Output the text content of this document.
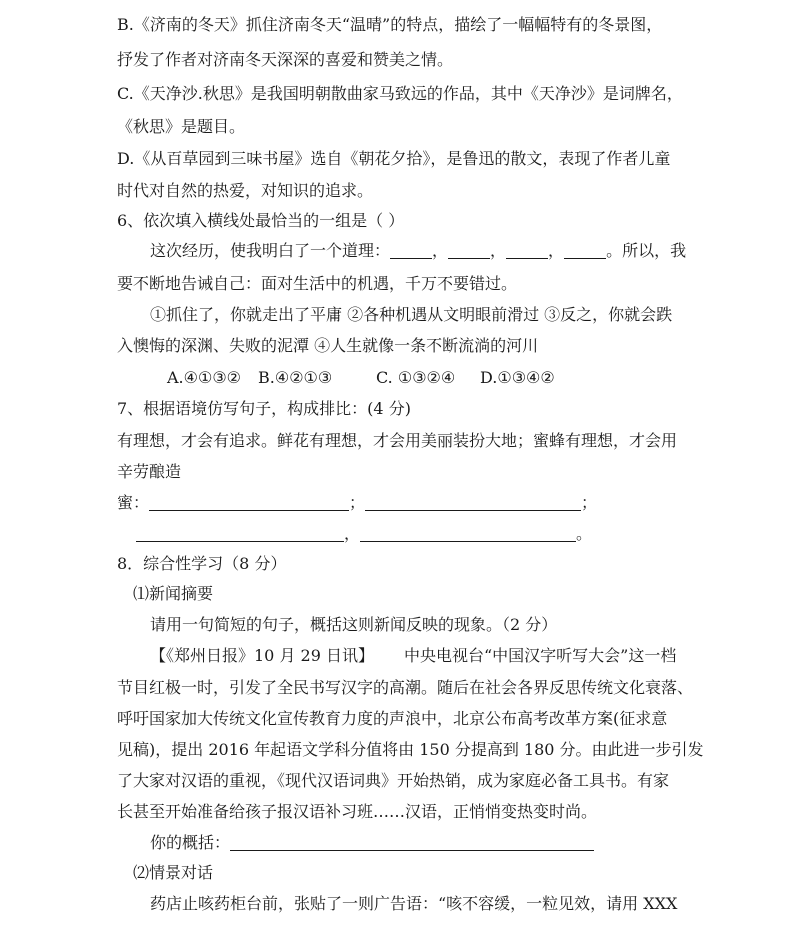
B.《济南的冬天》抓住济南冬天“温晴”的特点，描绘了一幅幅特有的冬景图，
抒发了作者对济南冬天深深的喜爱和赞美之情。
C.《天净沙.秋思》是我国明朝散曲家马致远的作品，其中《天净沙》是词牌名，
《秋思》是题目。
D.《从百草园到三味书屋》选自《朝花夕拾》，是鲁迅的散文，表现了作者儿童
时代对自然的热爱，对知识的追求。
6、依次填入横线处最恰当的一组是（ ）
这次经历，使我明白了一个道理：	，	，	，	。所以，我
要不断地告诫自己：面对生活中的机遇，千万不要错过。
①抓住了，你就走出了平庸 ②各种机遇从文明眼前滑过 ③反之，你就会跌
入懊悔的深渊、失败的泥潭 ④人生就像一条不断流淌的河川
A.④①③② B.④②①③	C. ①③②④ D.①③④②
7、根据语境仿写句子，构成排比：(4 分)
有理想，才会有追求。鲜花有理想，才会用美丽装扮大地；蜜蜂有理想，才会用
辛劳酿造
蜜：	；	；
，	。
8．综合性学习（8 分）
⑴新闻摘要
请用一句简短的句子，概括这则新闻反映的现象。（2 分）
【《郑州日报》10 月 29 日讯】 中央电视台“中国汉字听写大会”这一档
节目红极一时，引发了全民书写汉字的高潮。随后在社会各界反思传统文化衰落、
呼吁国家加大传统文化宣传教育力度的声浪中，北京公布高考改革方案(征求意
见稿)，提出 2016 年起语文学科分值将由 150 分提高到 180 分。由此进一步引发
了大家对汉语的重视，《现代汉语词典》开始热销，成为家庭必备工具书。有家
长甚至开始准备给孩子报汉语补习班……汉语，正悄悄变热变时尚。
你的概括：
⑵情景对话
药店止咳药柜台前，张贴了一则广告语：“咳不容缓，一粒见效，请用 XXX
